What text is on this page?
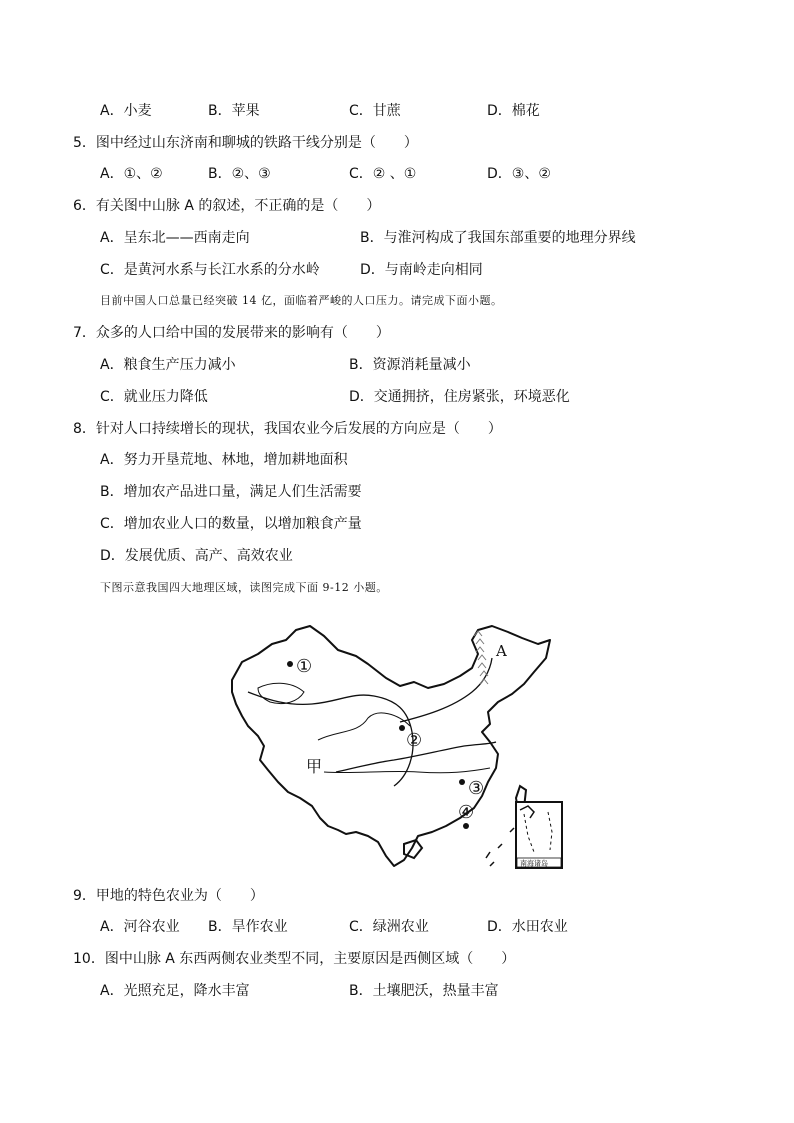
A．小麦	B．苹果	C．甘蔗	D．棉花
5．图中经过山东济南和聊城的铁路干线分别是（　　）
A．①、②	B．②、③	C．② 、①	D．③、②
6．有关图中山脉 A 的叙述，不正确的是（　　）
A．呈东北——西南走向	B．与淮河构成了我国东部重要的地理分界线
C．是黄河水系与长江水系的分水岭	D．与南岭走向相同
目前中国人口总量已经突破 14 亿，面临着严峻的人口压力。请完成下面小题。
7．众多的人口给中国的发展带来的影响有（　　）
A．粮食生产压力减小	B．资源消耗量减小
C．就业压力降低	D．交通拥挤，住房紧张，环境恶化
8．针对人口持续增长的现状，我国农业今后发展的方向应是（　　）
A．努力开垦荒地、林地，增加耕地面积
B．增加农产品进口量，满足人们生活需要
C．增加农业人口的数量，以增加粮食产量
D．发展优质、高产、高效农业
下图示意我国四大地理区域，读图完成下面 9-12 小题。
①
②
③
④
甲
A
南海诸岛
9．甲地的特色农业为（　　）
A．河谷农业 B．旱作农业	C．绿洲农业	D．水田农业
10．图中山脉 A 东西两侧农业类型不同，主要原因是西侧区域（　　）
A．光照充足，降水丰富	B．土壤肥沃，热量丰富
